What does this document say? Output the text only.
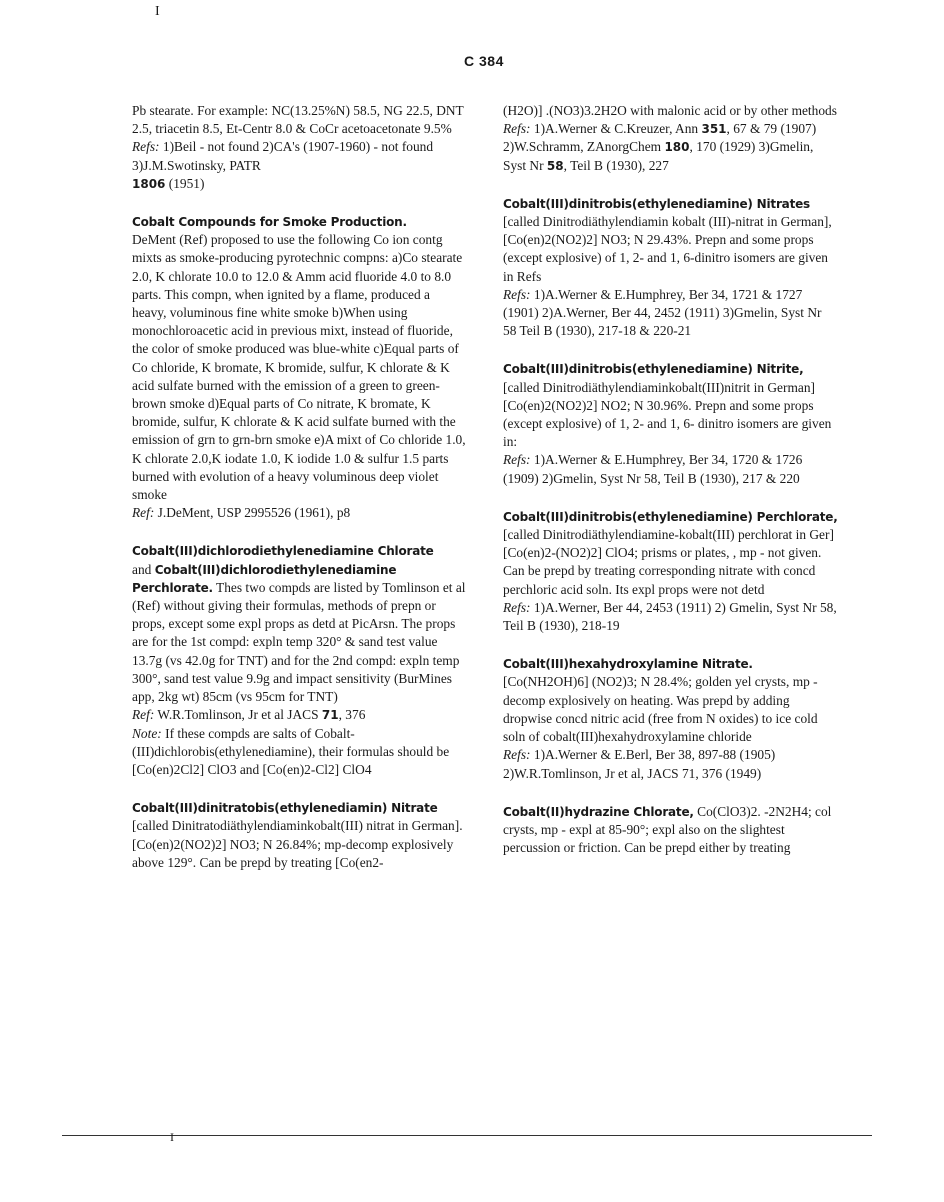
I
C 384

Pb stearate. For example: NC(13.25%N) 58.5, NG 22.5, DNT 2.5, triacetin 8.5, Et-Centr 8.0 & CoCr acetoacetonate 9.5%
Refs: 1)Beil - not found 2)CA's (1907-1960) - not found 3)J.M.Swotinsky, PATR
1806 (1951)

Cobalt Compounds for Smoke Production.
DeMent (Ref) proposed to use the following Co ion contg mixts as smoke-producing pyrotechnic compns: a)Co stearate 2.0, K chlorate 10.0 to 12.0 & Amm acid fluoride 4.0 to 8.0 parts. This compn, when ignited by a flame, produced a heavy, voluminous fine white smoke b)When using monochloroacetic acid in previous mixt, instead of fluoride, the color of smoke produced was blue-white c)Equal parts of Co chloride, K bromate, K bromide, sulfur, K chlorate & K acid sulfate burned with the emission of a green to green-brown smoke d)Equal parts of Co nitrate, K bromate, K bromide, sulfur, K chlorate & K acid sulfate burned with the emission of grn to grn-brn smoke e)A mixt of Co chloride 1.0, K chlorate 2.0,K iodate 1.0, K iodide 1.0 & sulfur 1.5 parts burned with evolution of a heavy voluminous deep violet smoke
Ref: J.DeMent, USP 2995526 (1961), p8

Cobalt(III)dichlorodiethylenediamine Chlorate
and Cobalt(III)dichlorodiethylenediamine Perchlorate. Thes two compds are listed by Tomlinson et al (Ref) without giving their formulas, methods of prepn or props, except some expl props as detd at PicArsn. The props are for the 1st compd: expln temp 320° & sand test value 13.7g (vs 42.0g for TNT) and for the 2nd compd: expln temp 300°, sand test value 9.9g and impact sensitivity (BurMines app, 2kg wt) 85cm (vs 95cm for TNT)
Ref: W.R.Tomlinson, Jr et al JACS 71, 376
Note: If these compds are salts of Cobalt-(III)dichlorobis(ethylenediamine), their formulas should be [Co(en)2Cl2] ClO3 and [Co(en)2-Cl2] ClO4

Cobalt(III)dinitratobis(ethylenediamin) Nitrate
[called Dinitratodiäthylendiaminkobalt(III) nitrat in German]. [Co(en)2(NO2)2] NO3; N 26.84%; mp-decomp explosively above 129°. Can be prepd by treating [Co(en2-

(H2O)] .(NO3)3.2H2O with malonic acid or by other methods
Refs: 1)A.Werner & C.Kreuzer, Ann 351, 67 & 79 (1907) 2)W.Schramm, ZAnorgChem 180, 170 (1929) 3)Gmelin, Syst Nr 58, Teil B (1930), 227

Cobalt(III)dinitrobis(ethylenediamine) Nitrates
[called Dinitrodiäthylendiamin kobalt (III)-nitrat in German], [Co(en)2(NO2)2] NO3; N 29.43%. Prepn and some props (except explosive) of 1, 2- and 1, 6-dinitro isomers are given in Refs
Refs: 1)A.Werner & E.Humphrey, Ber 34, 1721 & 1727 (1901) 2)A.Werner, Ber 44, 2452 (1911) 3)Gmelin, Syst Nr 58 Teil B (1930), 217-18 & 220-21

Cobalt(III)dinitrobis(ethylenediamine) Nitrite,
[called Dinitrodiäthylendiaminkobalt(III)nitrit in German] [Co(en)2(NO2)2] NO2; N 30.96%. Prepn and some props (except explosive) of 1, 2- and 1, 6- dinitro isomers are given in:
Refs: 1)A.Werner & E.Humphrey, Ber 34, 1720 & 1726 (1909) 2)Gmelin, Syst Nr 58, Teil B (1930), 217 & 220

Cobalt(III)dinitrobis(ethylenediamine) Perchlorate, [called Dinitrodiäthylendiamine-kobalt(III) perchlorat in Ger] [Co(en)2-(NO2)2] ClO4; prisms or plates, , mp - not given. Can be prepd by treating corresponding nitrate with concd perchloric acid soln. Its expl props were not detd
Refs: 1)A.Werner, Ber 44, 2453 (1911) 2) Gmelin, Syst Nr 58, Teil B (1930), 218-19

Cobalt(III)hexahydroxylamine Nitrate.
[Co(NH2OH)6] (NO2)3; N 28.4%; golden yel crysts, mp -decomp explosively on heating. Was prepd by adding dropwise concd nitric acid (free from N oxides) to ice cold soln of cobalt(III)hexahydroxylamine chloride
Refs: 1)A.Werner & E.Berl, Ber 38, 897-88 (1905) 2)W.R.Tomlinson, Jr et al, JACS 71, 376 (1949)

Cobalt(II)hydrazine Chlorate, Co(ClO3)2. -2N2H4; col crysts, mp - expl at 85-90°; expl also on the slightest percussion or friction. Can be prepd either by treating

I
